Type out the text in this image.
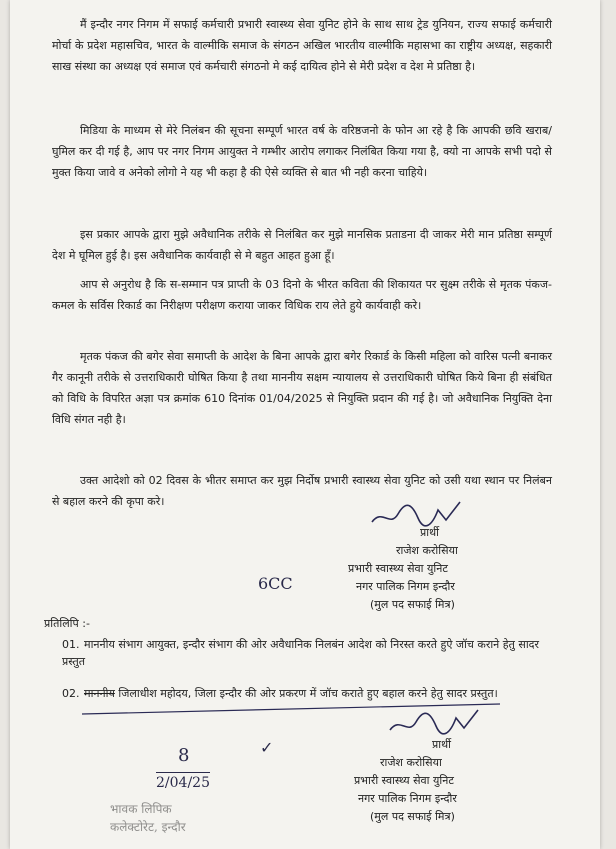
मैं इन्दौर नगर निगम में सफाई कर्मचारी प्रभारी स्वास्थ्य सेवा युनिट होने के साथ साथ ट्रेड युनियन, राज्य सफाई कर्मचारी मोर्चा के प्रदेश महासचिव, भारत के वाल्मीकि समाज के संगठन अखिल भारतीय वाल्मीकि महासभा का राष्ट्रीय अध्यक्ष, सहकारी साख संस्था का अध्यक्ष एवं समाज एवं कर्मचारी संगठनो मे कई दायित्व होने से मेरी प्रदेश व देश मे प्रतिष्ठा है।

मिडिया के माध्यम से मेरे निलंबन की सूचना सम्पूर्ण भारत वर्ष के वरिष्ठजनो के फोन आ रहे है कि आपकी छवि खराब/घुमिल कर दी गई है, आप पर नगर निगम आयुक्त ने गम्भीर आरोप लगाकर निलंबित किया गया है, क्यो ना आपके सभी पदो से मुक्त किया जावे व अनेको लोगो ने यह भी कहा है की ऐसे व्यक्ति से बात भी नही करना चाहिये।

इस प्रकार आपके द्वारा मुझे अवैधानिक तरीके से निलंबित कर मुझे मानसिक प्रताडना दी जाकर मेरी मान प्रतिष्ठा सम्पूर्ण देश मे घूमिल हुई है। इस अवैधानिक कार्यवाही से मे बहुत आहत हुआ हूँ।

आप से अनुरोध है कि स-सम्मान पत्र प्राप्ती के 03 दिनो के भीरत कविता की शिकायत पर सुक्ष्म तरीके से मृतक पंकज-कमल के सर्विस रिकार्ड का निरीक्षण परीक्षण कराया जाकर विधिक राय लेते हुये कार्यवाही करे।

मृतक पंकज की बगेर सेवा समाप्ती के आदेश के बिना आपके द्वारा बगेर रिकार्ड के किसी महिला को वारिस पत्नी बनाकर गैर कानूनी तरीके से उत्तराधिकारी घोषित किया है तथा माननीय सक्षम न्यायालय से उत्तराधिकारी घोषित किये बिना ही संबंधित को विधि के विपरित अज्ञा पत्र क्रमांक 610 दिनांक 01/04/2025 से नियुक्ति प्रदान की गई है। जो अवैधानिक नियुक्ति देना विधि संगत नही है।

उक्त आदेशो को 02 दिवस के भीतर समाप्त कर मुझ निर्दोष प्रभारी स्वास्थ्य सेवा युनिट को उसी यथा स्थान पर निलंबन से बहाल करने की कृपा करे।

प्रार्थी
राजेश करोसिया
प्रभारी स्वास्थ्य सेवा युनिट
नगर पालिक निगम इन्दौर
(मुल पद सफाई मित्र)
6CC
प्रतिलिपि :-
01. माननीय संभाग आयुक्त, इन्दौर संभाग की ओर अवैधानिक निलबंन आदेश को निरस्त करते हुऐ जॉच कराने हेतु सादर प्रस्तुत
02. माननीय जिलाधीश महोदय, जिला इन्दौर की ओर प्रकरण में जॉच कराते हुए बहाल करने हेतु सादर प्रस्तुत।
प्रार्थी
राजेश करोसिया
प्रभारी स्वास्थ्य सेवा युनिट
नगर पालिक निगम इन्दौर
(मुल पद सफाई मित्र)
8	✓
2/04/25
भावक लिपिक
कलेक्टोरेट, इन्दौर
